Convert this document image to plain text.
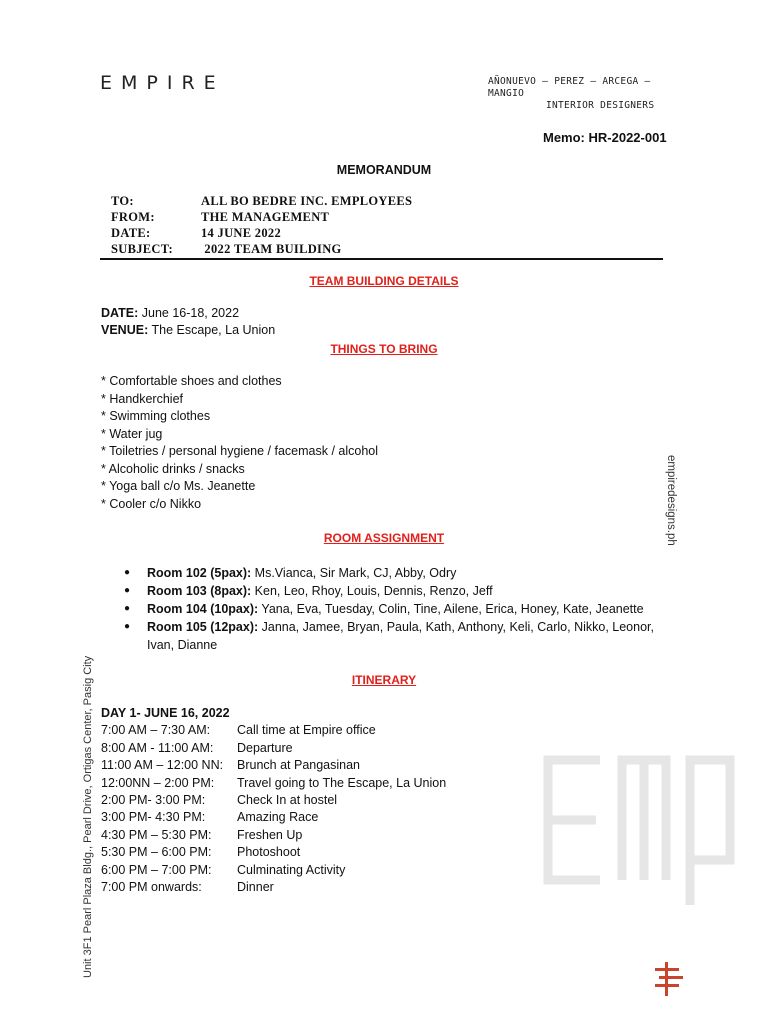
EMPIRE	AÑONUEVO — PEREZ — ARCEGA — MANGIO
INTERIOR DESIGNERS
Memo: HR-2022-001
MEMORANDUM
TO:	ALL BO BEDRE INC. EMPLOYEES
FROM:	THE MANAGEMENT
DATE:	14 JUNE 2022
SUBJECT:	2022 TEAM BUILDING
TEAM BUILDING DETAILS
DATE: June 16-18, 2022
VENUE: The Escape, La Union
THINGS TO BRING
* Comfortable shoes and clothes
* Handkerchief
* Swimming clothes
* Water jug
* Toiletries / personal hygiene / facemask / alcohol
* Alcoholic drinks / snacks
* Yoga ball c/o Ms. Jeanette
* Cooler c/o Nikko
ROOM ASSIGNMENT
●	Room 102 (5pax): Ms.Vianca, Sir Mark, CJ, Abby, Odry
●	Room 103 (8pax): Ken, Leo, Rhoy, Louis, Dennis, Renzo, Jeff
●	Room 104 (10pax): Yana, Eva, Tuesday, Colin, Tine, Ailene, Erica, Honey, Kate, Jeanette
●	Room 105 (12pax): Janna, Jamee, Bryan, Paula, Kath, Anthony, Keli, Carlo, Nikko, Leonor, Ivan, Dianne
ITINERARY
DAY 1- JUNE 16, 2022
7:00 AM – 7:30 AM:	Call time at Empire office
8:00 AM - 11:00 AM:	Departure
11:00 AM – 12:00 NN:	Brunch at Pangasinan
12:00NN – 2:00 PM:	Travel going to The Escape, La Union
2:00 PM- 3:00 PM:	Check In at hostel
3:00 PM- 4:30 PM:	Amazing Race
4:30 PM – 5:30 PM:	Freshen Up
5:30 PM – 6:00 PM:	Photoshoot
6:00 PM – 7:00 PM:	Culminating Activity
7:00 PM onwards:	Dinner
empiredesigns.ph
Unit 3F1 Pearl Plaza Bldg., Pearl Drive, Ortigas Center, Pasig City
